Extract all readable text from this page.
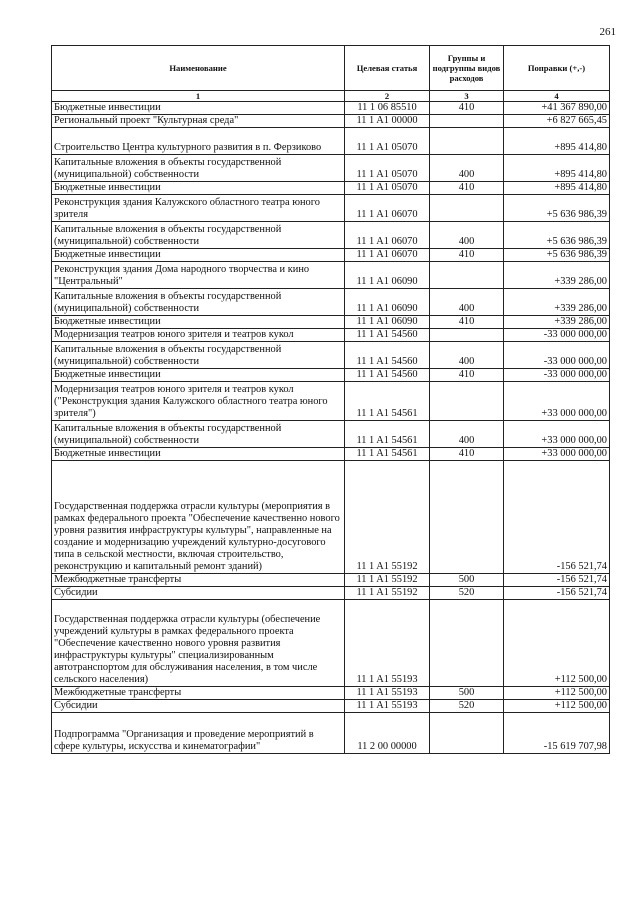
261
Наименование	Целевая статья	Группы и подгруппы видов расходов	Поправки (+,-)
1	2	3	4
Бюджетные инвестиции	11 1 06 85510	410	+41 367 890,00
Региональный проект "Культурная среда"	11 1 A1 00000		+6 827 665,45
Строительство Центра культурного развития в п. Ферзиково	11 1 A1 05070		+895 414,80
Капитальные вложения в объекты государственной (муниципальной) собственности	11 1 A1 05070	400	+895 414,80
Бюджетные инвестиции	11 1 A1 05070	410	+895 414,80
Реконструкция здания Калужского областного театра юного зрителя	11 1 A1 06070		+5 636 986,39
Капитальные вложения в объекты государственной (муниципальной) собственности	11 1 A1 06070	400	+5 636 986,39
Бюджетные инвестиции	11 1 A1 06070	410	+5 636 986,39
Реконструкция здания Дома народного творчества и кино "Центральный"	11 1 A1 06090		+339 286,00
Капитальные вложения в объекты государственной (муниципальной) собственности	11 1 A1 06090	400	+339 286,00
Бюджетные инвестиции	11 1 A1 06090	410	+339 286,00
Модернизация театров юного зрителя и театров кукол	11 1 A1 54560		-33 000 000,00
Капитальные вложения в объекты государственной (муниципальной) собственности	11 1 A1 54560	400	-33 000 000,00
Бюджетные инвестиции	11 1 A1 54560	410	-33 000 000,00
Модернизация театров юного зрителя и театров кукол ("Реконструкция здания Калужского областного театра юного зрителя")	11 1 A1 54561		+33 000 000,00
Капитальные вложения в объекты государственной (муниципальной) собственности	11 1 A1 54561	400	+33 000 000,00
Бюджетные инвестиции	11 1 A1 54561	410	+33 000 000,00
Государственная поддержка отрасли культуры (мероприятия в рамках федерального проекта "Обеспечение качественно нового уровня развития инфраструктуры культуры", направленные на создание и модернизацию учреждений культурно-досугового типа в сельской местности, включая строительство, реконструкцию и капитальный ремонт зданий)	11 1 A1 55192		-156 521,74
Межбюджетные трансферты	11 1 A1 55192	500	-156 521,74
Субсидии	11 1 A1 55192	520	-156 521,74
Государственная поддержка отрасли культуры (обеспечение учреждений культуры в рамках федерального проекта "Обеспечение качественно нового уровня развития инфраструктуры культуры" специализированным автотранспортом для обслуживания населения, в том числе сельского населения)	11 1 A1 55193		+112 500,00
Межбюджетные трансферты	11 1 A1 55193	500	+112 500,00
Субсидии	11 1 A1 55193	520	+112 500,00
Подпрограмма "Организация и проведение мероприятий в сфере культуры, искусства и кинематографии"	11 2 00 00000		-15 619 707,98
